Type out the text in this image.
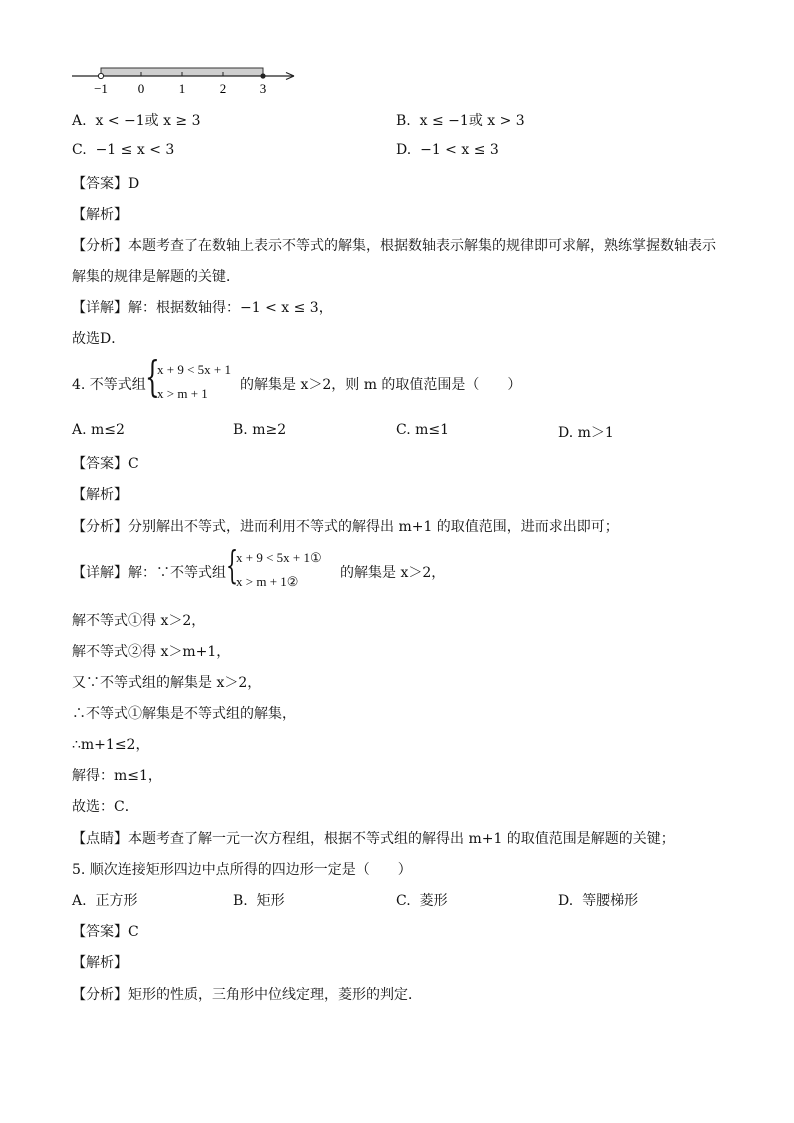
−1 0	1	2	3
A. x < −1或 x ≥ 3	B. x ≤ −1或 x > 3
C. −1 ≤ x < 3	D. −1 < x ≤ 3
【答案】D
【解析】
【分析】本题考查了在数轴上表示不等式的解集，根据数轴表示解集的规律即可求解，熟练掌握数轴表示
解集的规律是解题的关键．
【详解】解：根据数轴得：−1 < x ≤ 3，
故选D．
4. 不等式组 {
x + 9 < 5x + 1
x > m + 1
的解集是 x＞2，则 m 的取值范围是（　　）
A. m≤2	B. m≥2	C. m≤1	D. m＞1
【答案】C
【解析】
【分析】分别解出不等式，进而利用不等式的解得出 m+1 的取值范围，进而求出即可；
【详解】解：∵不等式组 {
x + 9 < 5x + 1①
x > m + 1②
的解集是 x＞2，
解不等式①得 x＞2，
解不等式②得 x＞m+1，
又∵不等式组的解集是 x＞2，
∴不等式①解集是不等式组的解集，
∴m+1≤2，
解得：m≤1，
故选：C．
【点睛】本题考查了解一元一次方程组，根据不等式组的解得出 m+1 的取值范围是解题的关键；
5. 顺次连接矩形四边中点所得的四边形一定是（　　）
A. 正方形	B. 矩形	C. 菱形	D. 等腰梯形
【答案】C
【解析】
【分析】矩形的性质，三角形中位线定理，菱形的判定．
